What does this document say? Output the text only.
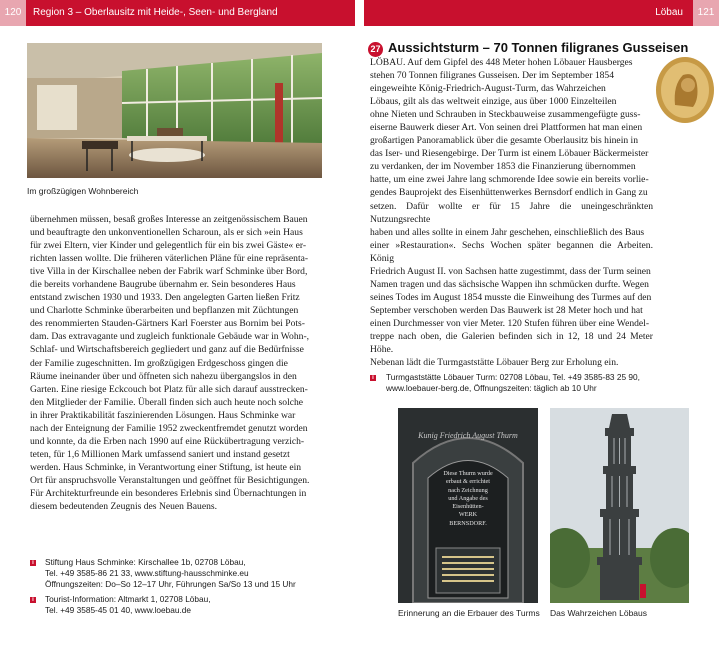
120	Region 3 – Oberlausitz mit Heide-, Seen- und Bergland	Löbau	121
Im großzügigen Wohnbereich
übernehmen müssen, besaß großes Interesse an zeitgenössischem Bauen
und beauftragte den unkonventionellen Scharoun, als er sich »ein Haus
für zwei Eltern, vier Kinder und gelegentlich für ein bis zwei Gäste« er-
richten lassen wollte. Die früheren väterlichen Pläne für eine repräsenta-
tive Villa in der Kirschallee neben der Fabrik warf Schminke über Bord,
die bereits vorhandene Baugrube übernahm er. Sein besonderes Haus
entstand zwischen 1930 und 1933. Den angelegten Garten ließen Fritz
und Charlotte Schminke überarbeiten und bepflanzen mit Züchtungen
des renommierten Stauden-Gärtners Karl Foerster aus Bornim bei Pots-
dam. Das extravagante und zugleich funktionale Gebäude war in Wohn-,
Schlaf- und Wirtschaftsbereich gegliedert und ganz auf die Bedürfnisse
der Familie zugeschnitten. Im großzügigen Erdgeschoss gingen die
Räume ineinander über und öffneten sich nahezu übergangslos in den
Garten. Eine riesige Eckcouch bot Platz für alle sich darauf ausstrecken-
den Mitglieder der Familie. Überall finden sich auch heute noch solche
in ihrer Praktikabilität faszinierenden Lösungen. Haus Schminke war
nach der Enteignung der Familie 1952 zweckentfremdet genutzt worden
und konnte, da die Erben nach 1990 auf eine Rückübertragung verzich-
teten, für 1,6 Millionen Mark umfassend saniert und instand gesetzt
werden. Haus Schminke, in Verantwortung einer Stiftung, ist heute ein
Ort für anspruchsvolle Veranstaltungen und geöffnet für Besichtigungen.
Für Architekturfreunde ein besonderes Erlebnis sind Übernachtungen in
diesem bedeutenden Zeugnis des Neuen Bauens.
i Stiftung Haus Schminke: Kirschallee 1b, 02708 Löbau,
Tel. +49 3585-86 21 33, www.stiftung-hausschminke.eu
Öffnungszeiten: Do–So 12–17 Uhr, Führungen Sa/So 13 und 15 Uhr
i Tourist-Information: Altmarkt 1, 02708 Löbau,
Tel. +49 3585-45 01 40, www.loebau.de
27 Aussichtsturm – 70 Tonnen filigranes Gusseisen
LÖBAU. Auf dem Gipfel des 448 Meter hohen Löbauer Hausberges
stehen 70 Tonnen filigranes Gusseisen. Der im September 1854
eingeweihte König-Friedrich-August-Turm, das Wahrzeichen
Löbaus, gilt als das weltweit einzige, aus über 1000 Einzelteilen
ohne Nieten und Schrauben in Steckbauweise zusammengefügte guss-
eiserne Bauwerk dieser Art. Von seinen drei Plattformen hat man einen
großartigen Panoramablick über die gesamte Oberlausitz bis hinein in
das Iser- und Riesengebirge. Der Turm ist einem Löbauer Bäckermeister
zu verdanken, der im November 1853 die Finanzierung übernommen
hatte, um eine zwei Jahre lang schmorende Idee sowie ein bereits vorlie-
gendes Bauprojekt des Eisenhüttenwerkes Bernsdorf endlich in Gang zu
setzen. Dafür wollte er für 15 Jahre die uneingeschränkten Nutzungsrechte
haben und alles sollte in einem Jahr geschehen, einschließlich des Baus
einer »Restauration«. Sechs Wochen später begannen die Arbeiten. König
Friedrich August II. von Sachsen hatte zugestimmt, dass der Turm seinen
Namen tragen und das sächsische Wappen ihn schmücken durfte. Wegen
seines Todes im August 1854 musste die Einweihung des Turmes auf den
September verschoben werden Das Bauwerk ist 28 Meter hoch und hat
einen Durchmesser von vier Meter. 120 Stufen führen über eine Wendel-
treppe nach oben, die Galerien befinden sich in 12, 18 und 24 Meter Höhe.
Nebenan lädt die Turmgaststätte Löbauer Berg zur Erholung ein.
i Turmgaststätte Löbauer Turm: 02708 Löbau, Tel. +49 3585-83 25 90,
www.loebauer-berg.de, Öffnungszeiten: täglich ab 10 Uhr
Kunig Friedrich August Thurm
Diese Thurm wurde
erbaut & errichtet
nach Zeichnung
und Angabe des
Eisenhütten-
WERK
BERNSDORF.
Erinnerung an die Erbauer des Turms Das Wahrzeichen Löbaus
